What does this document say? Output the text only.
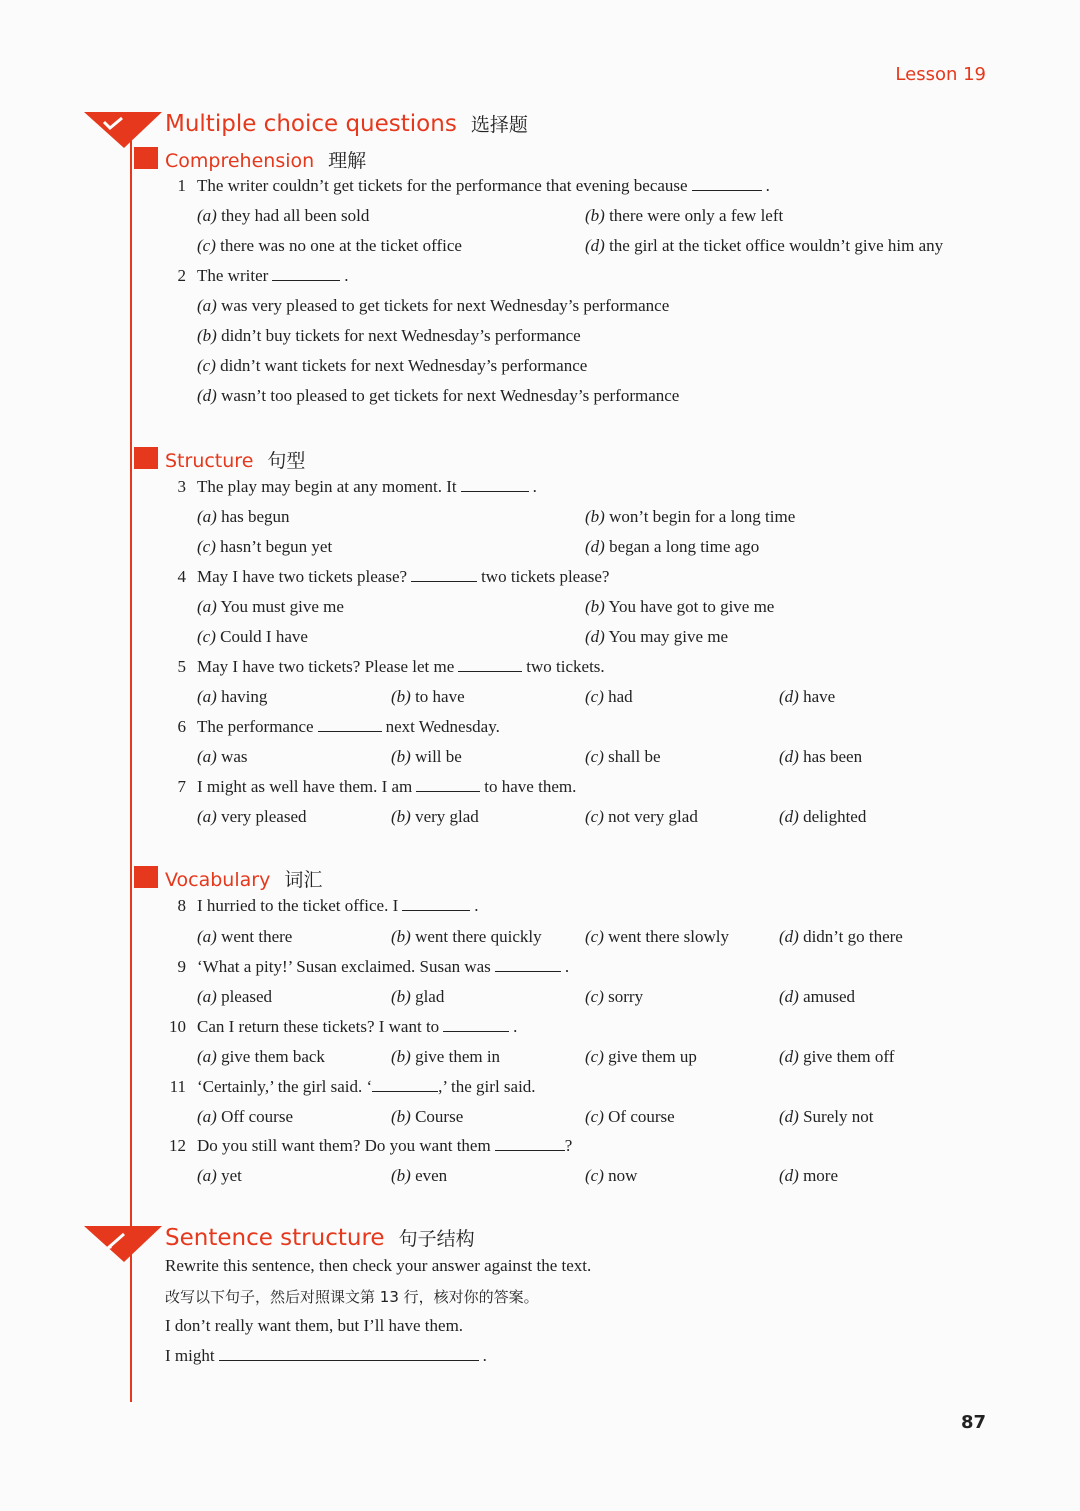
Lesson 19
Multiple choice questions 选择题
Comprehension 理解
Structure 句型
Vocabulary 词汇
1 The writer couldn’t get tickets for the performance that evening because	.
(a) they had all been sold	(b) there were only a few left
(c) there was no one at the ticket office	(d) the girl at the ticket office wouldn’t give him any
2 The writer	.
(a) was very pleased to get tickets for next Wednesday’s performance
(b) didn’t buy tickets for next Wednesday’s performance
(c) didn’t want tickets for next Wednesday’s performance
(d) wasn’t too pleased to get tickets for next Wednesday’s performance
3 The play may begin at any moment. It	.
(a) has begun	(b) won’t begin for a long time
(c) hasn’t begun yet	(d) began a long time ago
4 May I have two tickets please?	two tickets please?
(a) You must give me	(b) You have got to give me
(c) Could I have	(d) You may give me
5 May I have two tickets? Please let me	two tickets.
(a) having	(b) to have	(c) had	(d) have
6 The performance	next Wednesday.
(a) was	(b) will be	(c) shall be	(d) has been
7 I might as well have them. I am	to have them.
(a) very pleased	(b) very glad	(c) not very glad	(d) delighted
8 I hurried to the ticket office. I	.
(a) went there	(b) went there quickly	(c) went there slowly	(d) didn’t go there
9 ‘What a pity!’ Susan exclaimed. Susan was	.
(a) pleased	(b) glad	(c) sorry	(d) amused
10 Can I return these tickets? I want to	.
(a) give them back	(b) give them in	(c) give them up	(d) give them off
11 ‘Certainly,’ the girl said. ‘	,’ the girl said.
(a) Off course	(b) Course	(c) Of course	(d) Surely not
12 Do you still want them? Do you want them	?
(a) yet	(b) even	(c) now	(d) more
Sentence structure 句子结构
Rewrite this sentence, then check your answer against the text.
改写以下句子，然后对照课文第 13 行，核对你的答案。
I don’t really want them, but I’ll have them.
I might	.
87
